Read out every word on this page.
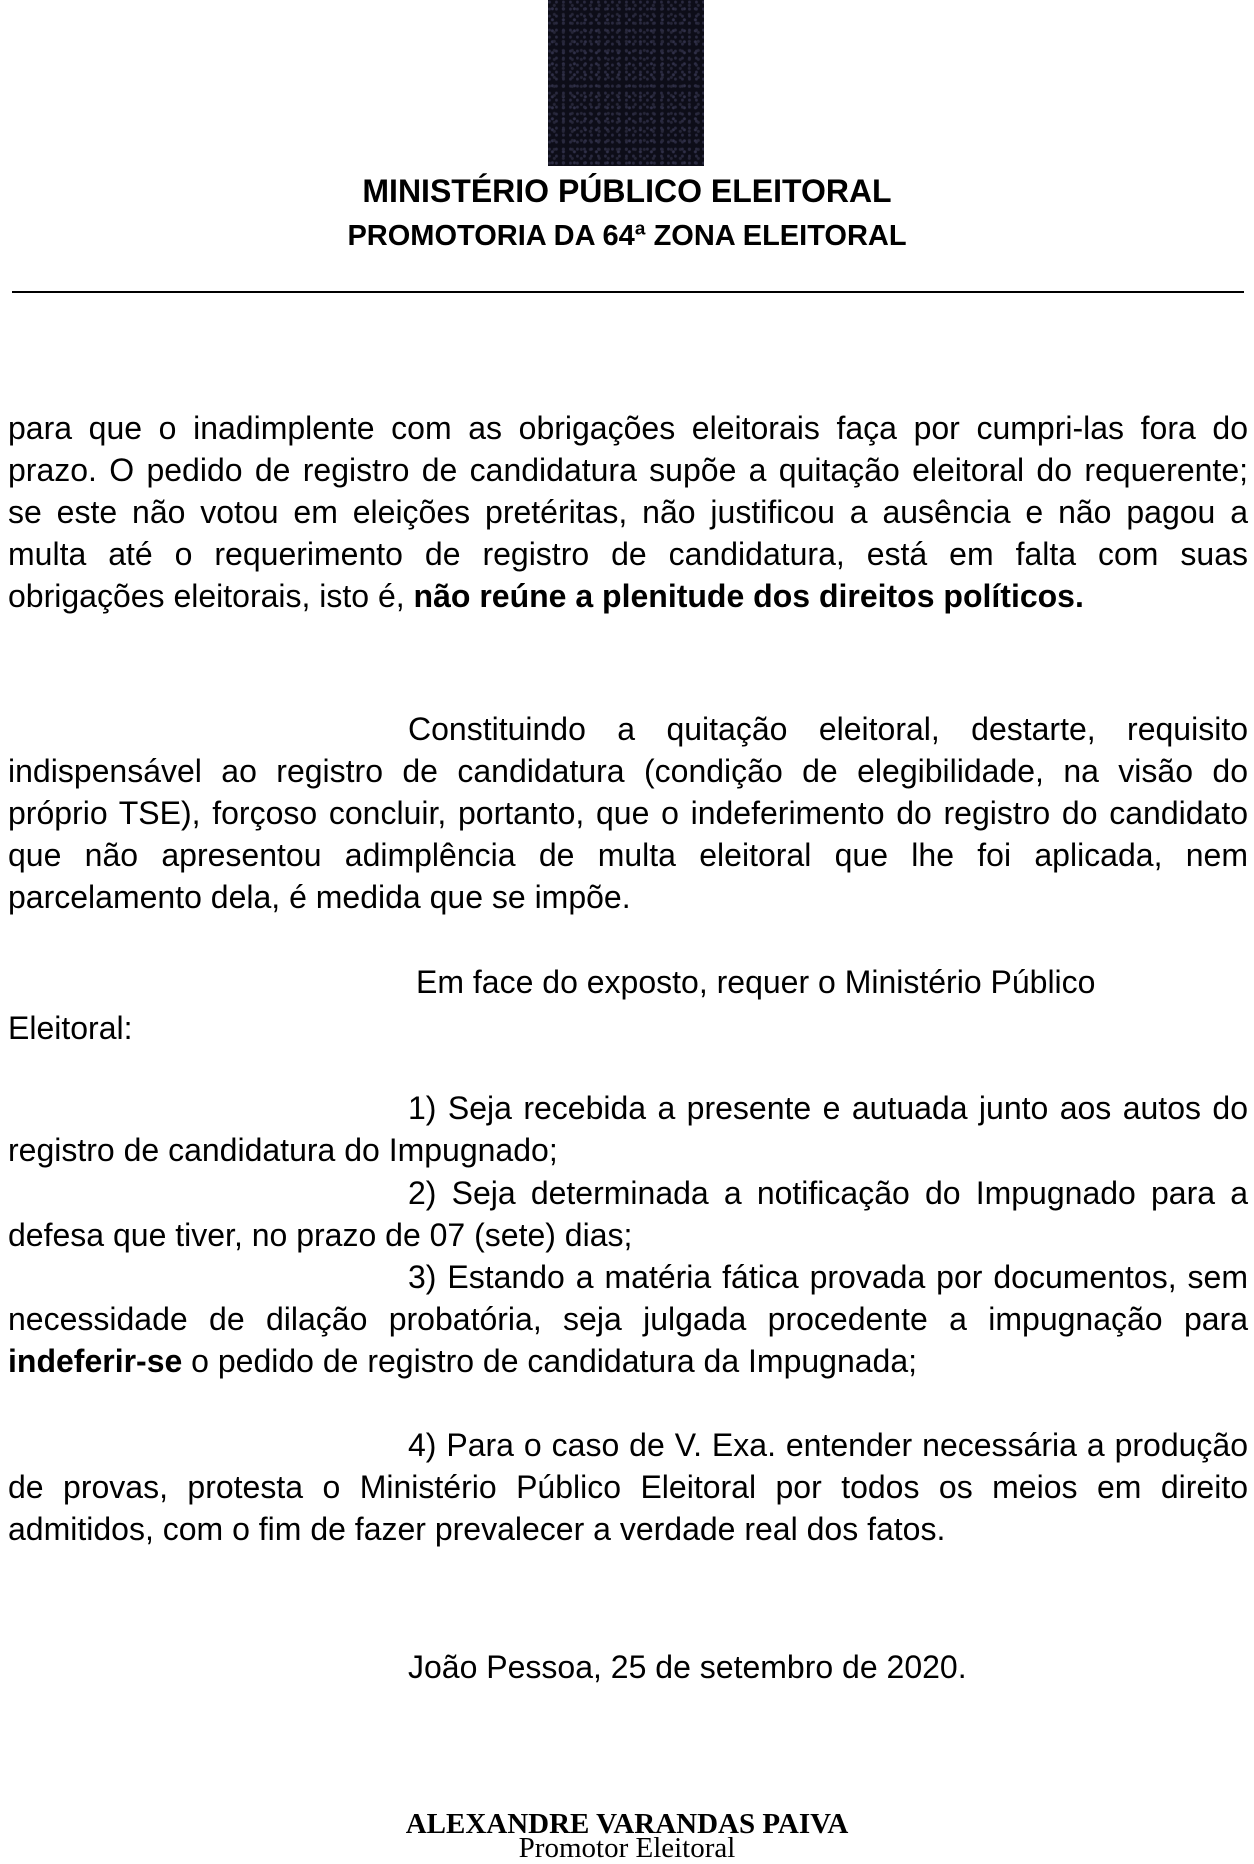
MINISTÉRIO PÚBLICO ELEITORAL
PROMOTORIA DA 64ª ZONA ELEITORAL

para que o inadimplente com as obrigações eleitorais faça por cumpri-las fora do prazo. O pedido de registro de candidatura supõe a quitação eleitoral do requerente; se este não votou em eleições pretéritas, não justificou a ausência e não pagou a multa até o requerimento de registro de candidatura, está em falta com suas obrigações eleitorais, isto é, não reúne a plenitude dos direitos políticos.

Constituindo a quitação eleitoral, destarte, requisito indispensável ao registro de candidatura (condição de elegibilidade, na visão do próprio TSE), forçoso concluir, portanto, que o indeferimento do registro do candidato que não apresentou adimplência de multa eleitoral que lhe foi aplicada, nem parcelamento dela, é medida que se impõe.

Em face do exposto, requer o Ministério Público
Eleitoral:

1) Seja recebida a presente e autuada junto aos autos do registro de candidatura do Impugnado;

2) Seja determinada a notificação do Impugnado para a defesa que tiver, no prazo de 07 (sete) dias;

3) Estando a matéria fática provada por documentos, sem necessidade de dilação probatória, seja julgada procedente a impugnação para indeferir-se o pedido de registro de candidatura da Impugnada;

4) Para o caso de V. Exa. entender necessária a produção de provas, protesta o Ministério Público Eleitoral por todos os meios em direito admitidos, com o fim de fazer prevalecer a verdade real dos fatos.

João Pessoa, 25 de setembro de 2020.
ALEXANDRE VARANDAS PAIVA
Promotor Eleitoral
